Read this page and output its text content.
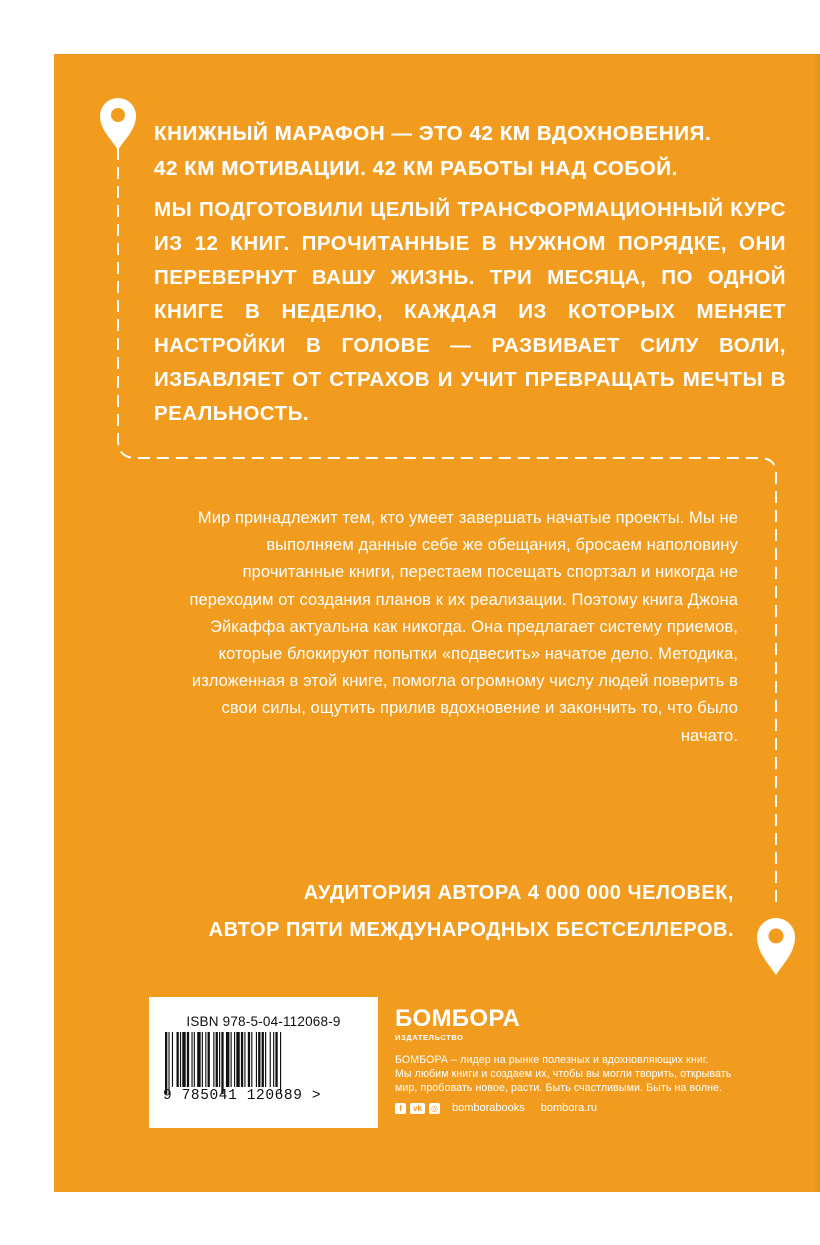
КНИЖНЫЙ МАРАФОН — ЭТО 42 КМ ВДОХНОВЕНИЯ.
42 КМ МОТИВАЦИИ. 42 КМ РАБОТЫ НАД СОБОЙ.
МЫ ПОДГОТОВИЛИ ЦЕЛЫЙ ТРАНСФОРМАЦИОННЫЙ КУРС ИЗ 12 КНИГ. ПРОЧИТАННЫЕ В НУЖНОМ ПОРЯДКЕ, ОНИ ПЕРЕВЕРНУТ ВАШУ ЖИЗНЬ. ТРИ МЕСЯЦА, ПО ОДНОЙ КНИГЕ В НЕДЕЛЮ, КАЖДАЯ ИЗ КОТОРЫХ МЕНЯЕТ НАСТРОЙКИ В ГОЛОВЕ — РАЗВИВАЕТ СИЛУ ВОЛИ, ИЗБАВЛЯЕТ ОТ СТРАХОВ И УЧИТ ПРЕВРАЩАТЬ МЕЧТЫ В РЕАЛЬНОСТЬ.
Мир принадлежит тем, кто умеет завершать начатые проекты. Мы не выполняем данные себе же обещания, бросаем наполовину прочитанные книги, перестаем посещать спортзал и никогда не переходим от создания планов к их реализации. Поэтому книга Джона Эйкаффа актуальна как никогда. Она предлагает систему приемов, которые блокируют попытки «подвесить» начатое дело. Методика, изложенная в этой книге, помогла огромному числу людей поверить в свои силы, ощутить прилив вдохновение и закончить то, что было начато.
АУДИТОРИЯ АВТОРА 4 000 000 ЧЕЛОВЕК,
АВТОР ПЯТИ МЕЖДУНАРОДНЫХ БЕСТСЕЛЛЕРОВ.
ISBN 978-5-04-112068-9
9 785041 120689 >
БОМБОРА
ИЗДАТЕЛЬСТВО
БОМБОРА – лидер на рынке полезных и вдохновляющих книг.
Мы любим книги и создаем их, чтобы вы могли творить, открывать
мир, пробовать новое, расти. Быть счастливыми. Быть на волне.
f	vk	◎ bomborabooks bombora.ru
